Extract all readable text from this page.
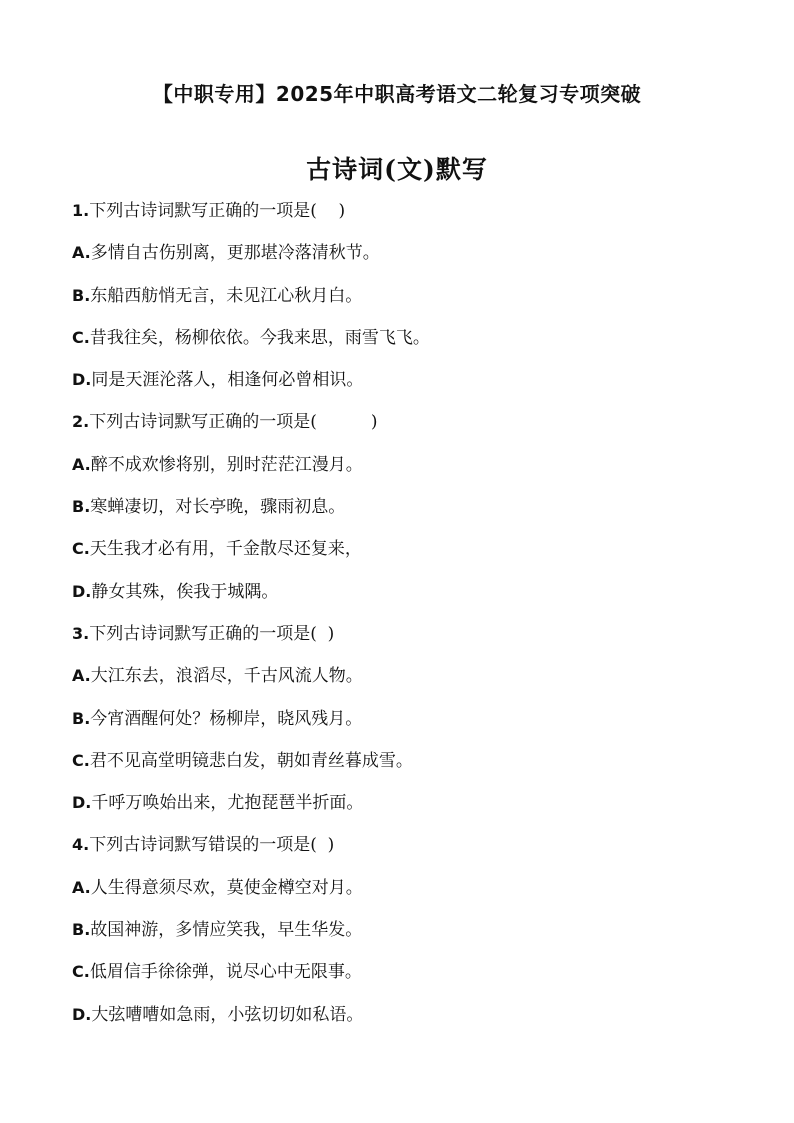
【中职专用】2025年中职高考语文二轮复习专项突破
古诗词(文)默写
1.下列古诗词默写正确的一项是(    )
A.多情自古伤别离，更那堪冷落清秋节。
B.东船西舫悄无言，未见江心秋月白。
C.昔我往矣，杨柳依依。今我来思，雨雪飞飞。
D.同是天涯沦落人，相逢何必曾相识。
2.下列古诗词默写正确的一项是(          )
A.醉不成欢惨将别，别时茫茫江漫月。
B.寒蝉凄切，对长亭晚，骤雨初息。
C.天生我才必有用，千金散尽还复来，
D.静女其殊，俟我于城隅。
3.下列古诗词默写正确的一项是(  )
A.大江东去，浪滔尽，千古风流人物。
B.今宵酒醒何处？杨柳岸，晓风残月。
C.君不见高堂明镜悲白发，朝如青丝暮成雪。
D.千呼万唤始出来，尤抱琵琶半折面。
4.下列古诗词默写错误的一项是(  )
A.人生得意须尽欢，莫使金樽空对月。
B.故国神游，多情应笑我，早生华发。
C.低眉信手徐徐弹，说尽心中无限事。
D.大弦嘈嘈如急雨，小弦切切如私语。
